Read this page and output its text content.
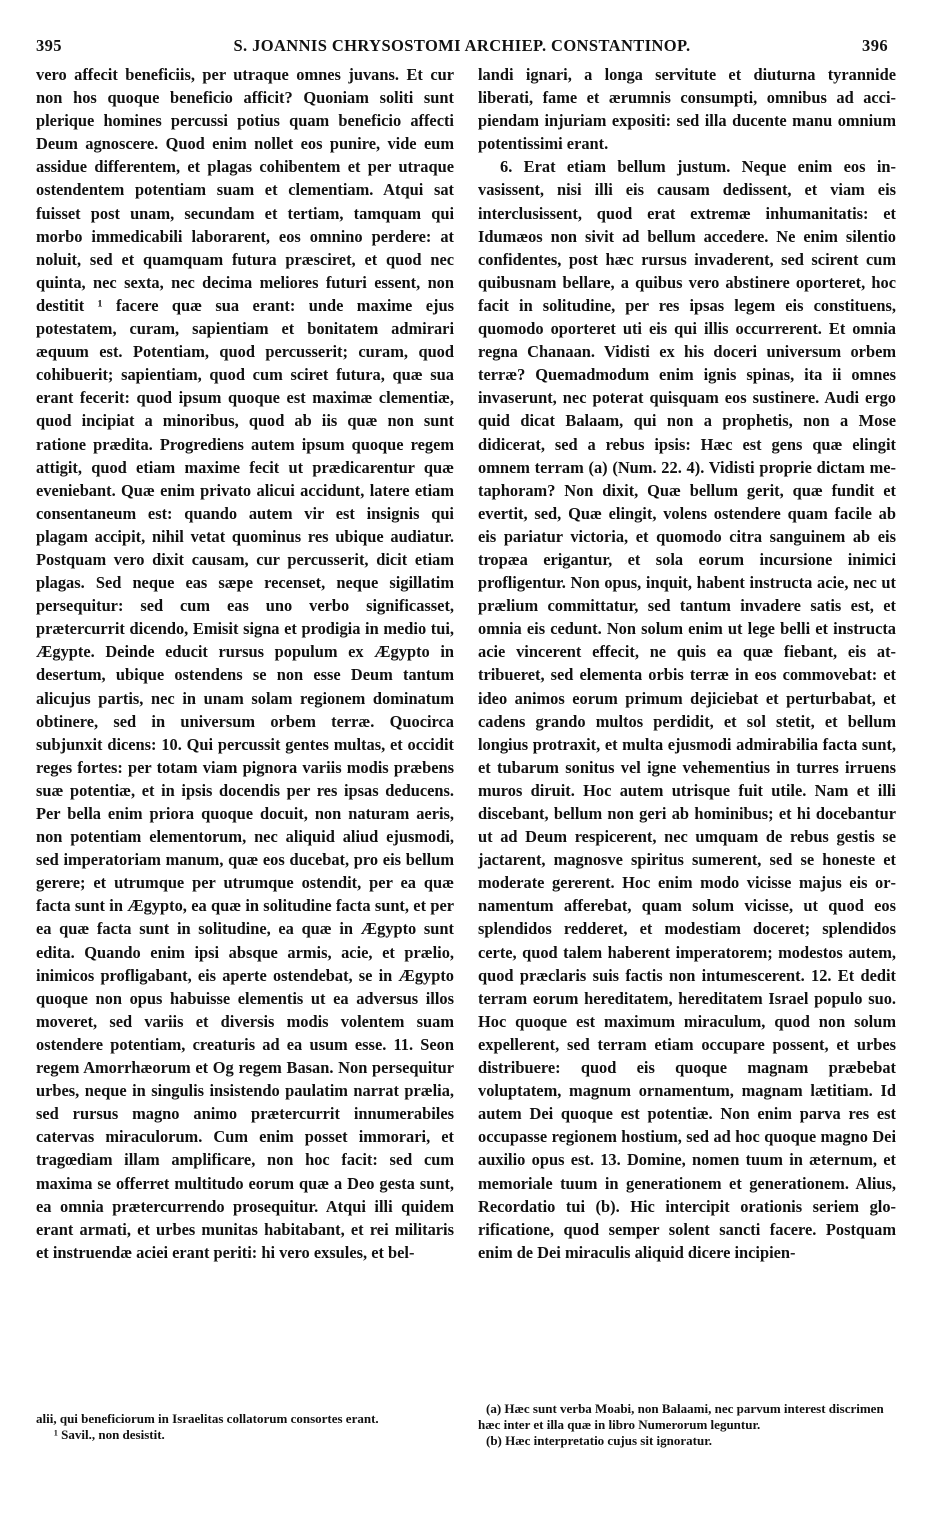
395	S. JOANNIS CHRYSOSTOMI ARCHIEP. CONSTANTINOP.	396

vero affecit beneficiis, per utraque omnes juvans. Et cur non hos quoque beneficio afficit? Quoniam soliti sunt plerique homines percussi potius quam beneficio affecti Deum agnoscere. Quod enim nollet eos punire, vide eum assidue differentem, et plagas cohibentem et per utraque ostendentem potentiam suam et clementiam. Atqui sat fuisset post unam, secundam et tertiam, tamquam qui morbo immedicabili laborarent, eos omnino perdere: at noluit, sed et quamquam futura præsciret, et quod nec quinta, nec sexta, nec decima meliores futuri essent, non destitit ¹ facere quæ sua erant: unde maxime ejus potestatem, curam, sapientiam et bonitatem admirari æquum est. Potentiam, quod percusserit; curam, quod cohibuerit; sapientiam, quod cum sciret futura, quæ sua erant fecerit: quod ipsum quoque est maximæ clementiæ, quod incipiat a minoribus, quod ab iis quæ non sunt ratione prædita. Progrediens autem ipsum quoque regem attigit, quod etiam maxime fecit ut prædicarentur quæ eveniebant. Quæ enim privato alicui accidunt, latere etiam consentaneum est: quando autem vir est insignis qui plagam accipit, nihil vetat quominus res ubique audiatur. Postquam vero dixit causam, cur percusserit, dicit etiam plagas. Sed neque eas sæpe recenset, neque sigillatim persequitur: sed cum eas uno verbo significasset, prætercurrit dicendo, Emisit signa et prodigia in medio tui, Ægypte. Deinde educit rursus populum ex Ægypto in desertum, ubique ostendens se non esse Deum tantum alicujus partis, nec in unam solam regionem dominatum obtinere, sed in universum orbem terræ. Quocirca subjunxit dicens: 10. Qui percussit gentes multas, et occidit reges fortes: per totam viam pignora variis modis præbens suæ potentiæ, et in ipsis docendis per res ipsas deducens. Per bella enim priora quoque docuit, non naturam aeris, non potentiam elementorum, nec aliquid aliud ejusmodi, sed imperatoriam manum, quæ eos ducebat, pro eis bellum gerere; et utrumque per utrumque ostendit, per ea quæ facta sunt in Ægypto, ea quæ in solitudine facta sunt, et per ea quæ facta sunt in solitudine, ea quæ in Ægypto sunt edita. Quando enim ipsi absque armis, acie, et prælio, inimicos profligabant, eis aperte ostendebat, se in Ægypto quoque non opus habuisse elementis ut ea adversus illos moveret, sed variis et diversis modis volentem suam ostendere potentiam, creaturis ad ea usum esse. 11. Seon regem Amorrhæorum et Og regem Basan. Non persequitur urbes, neque in singulis insistendo paulatim narrat prælia, sed rursus magno animo prætercurrit innumerabiles catervas miraculorum. Cum enim posset immorari, et tragœdiam illam amplificare, non hoc facit: sed cum maxima se offerret multitudo eorum quæ a Deo gesta sunt, ea omnia prætercurrendo prosequitur. Atqui illi quidem erant armati, et urbes munitas habitabant, et rei militaris et instruendæ aciei erant periti: hi vero exsules, et bel-

landi ignari, a longa servitute et diuturna tyrannide liberati, fame et ærumnis consumpti, omnibus ad accipiendam injuriam expositi: sed illa ducente manu omnium potentissimi erant.

6. Erat etiam bellum justum. Neque enim eos invasissent, nisi illi eis causam dedissent, et viam eis interclusissent, quod erat extremæ inhumanitatis: et Idumæos non sivit ad bellum accedere. Ne enim silentio confidentes, post hæc rursus invaderent, sed scirent cum quibusnam bellare, a quibus vero abstinere oporteret, hoc facit in solitudine, per res ipsas legem eis constituens, quomodo oporteret uti eis qui illis occurrerent. Et omnia regna Chanaan. Vidisti ex his doceri universum orbem terræ? Quemadmodum enim ignis spinas, ita ii omnes invaserunt, nec poterat quisquam eos sustinere. Audi ergo quid dicat Balaam, qui non a prophetis, non a Mose didicerat, sed a rebus ipsis: Hæc est gens quæ elingit omnem terram (a) (Num. 22. 4). Vidisti proprie dictam metaphoram? Non dixit, Quæ bellum gerit, quæ fundit et evertit, sed, Quæ elingit, volens ostendere quam facile ab eis pariatur victoria, et quomodo citra sanguinem ab eis tropæa erigantur, et sola eorum incursione inimici profligentur. Non opus, inquit, habent instructa acie, nec ut prælium committatur, sed tantum invadere satis est, et omnia eis cedunt. Non solum enim ut lege belli et instructa acie vincerent effecit, ne quis ea quæ fiebant, eis attribueret, sed elementa orbis terræ in eos commovebat: et ideo animos eorum primum dejiciebat et perturbabat, et cadens grando multos perdidit, et sol stetit, et bellum longius protraxit, et multa ejusmodi admirabilia facta sunt, et tubarum sonitus vel igne vehementius in turres irruens muros diruit. Hoc autem utrisque fuit utile. Nam et illi discebant, bellum non geri ab hominibus; et hi docebantur ut ad Deum respicerent, nec umquam de rebus gestis se jactarent, magnosve spiritus sumerent, sed se honeste et moderate gererent. Hoc enim modo vicisse majus eis ornamentum afferebat, quam solum vicisse, ut quod eos splendidos redderet, et modestiam doceret; splendidos certe, quod talem haberent imperatorem; modestos autem, quod præclaris suis factis non intumescerent. 12. Et dedit terram eorum hereditatem, hereditatem Israel populo suo. Hoc quoque est maximum miraculum, quod non solum expellerent, sed terram etiam occupare possent, et urbes distribuere: quod eis quoque magnam præbebat voluptatem, magnum ornamentum, magnam lætitiam. Id autem Dei quoque est potentiæ. Non enim parva res est occupasse regionem hostium, sed ad hoc quoque magno Dei auxilio opus est. 13. Domine, nomen tuum in æternum, et memoriale tuum in generationem et generationem. Alius, Recordatio tui (b). Hic intercipit orationis seriem glorificatione, quod semper solent sancti facere. Postquam enim de Dei miraculis aliquid dicere incipien-

alii, qui beneficiorum in Israelitas collatorum consortes erant.

¹ Savil., non desistit.

(a) Hæc sunt verba Moabi, non Balaami, nec parvum interest discrimen hæc inter et illa quæ in libro Numerorum leguntur.

(b) Hæc interpretatio cujus sit ignoratur.
